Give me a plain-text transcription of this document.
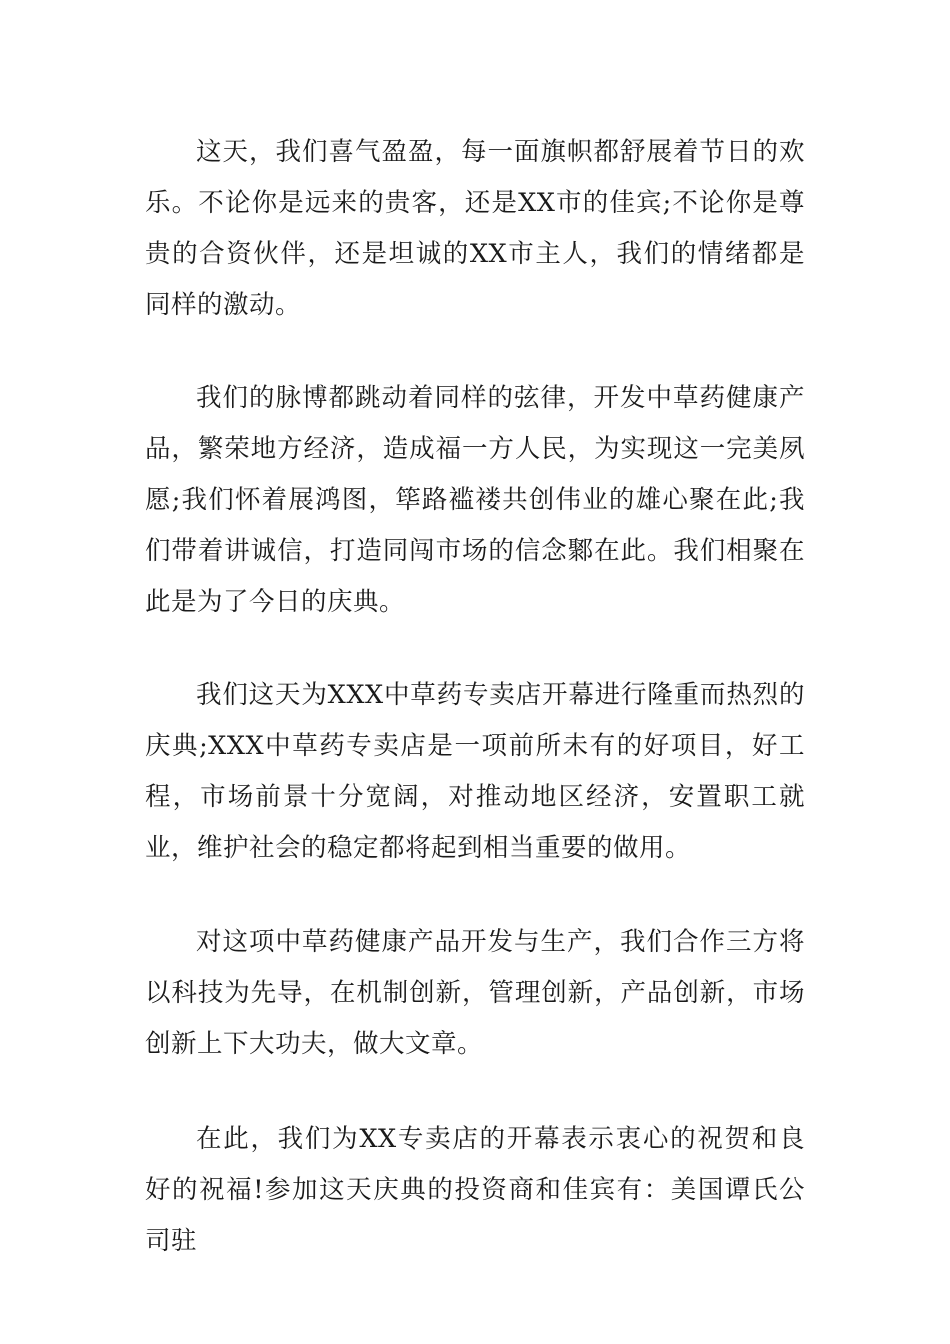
这天，我们喜气盈盈，每一面旗帜都舒展着节日的欢乐。不论你是远来的贵客，还是XX市的佳宾;不论你是尊贵的合资伙伴，还是坦诚的XX市主人，我们的情绪都是同样的激动。

我们的脉博都跳动着同样的弦律，开发中草药健康产品，繁荣地方经济，造成福一方人民，为实现这一完美夙愿;我们怀着展鸿图，筚路褴褛共创伟业的雄心聚在此;我们带着讲诚信，打造同闯市场的信念鄹在此。我们相聚在此是为了今日的庆典。

我们这天为XXX中草药专卖店开幕进行隆重而热烈的庆典;XXX中草药专卖店是一项前所未有的好项目，好工程，市场前景十分宽阔，对推动地区经济，安置职工就业，维护社会的稳定都将起到相当重要的做用。

对这项中草药健康产品开发与生产，我们合作三方将以科技为先导，在机制创新，管理创新，产品创新，市场创新上下大功夫，做大文章。

在此，我们为XX专卖店的开幕表示衷心的祝贺和良好的祝福!参加这天庆典的投资商和佳宾有：美国谭氏公司驻
